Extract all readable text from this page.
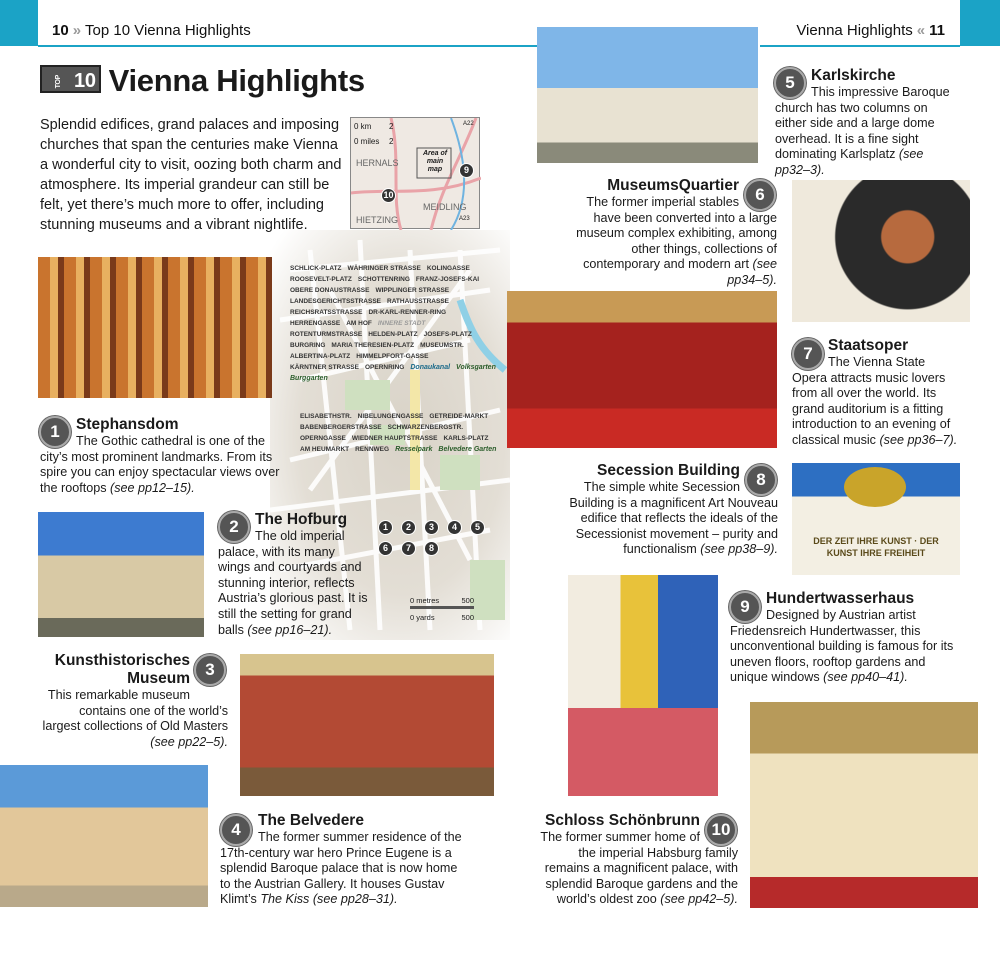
SCHLICK-PLATZ WÄHRINGER STRASSE KOLINGASSE
ROOSEVELT-PLATZ SCHOTTENRING FRANZ-JOSEFS-KAI
OBERE DONAUSTRASSE WIPPLINGER STRASSE
LANDESGERICHTSSTRASSE RATHAUSSTRASSE
REICHSRATSSTRASSE DR-KARL-RENNER-RING
HERRENGASSE AM HOF INNERE STADT
ROTENTURMSTRASSE HELDEN-PLATZ JOSEFS-PLATZ
BURGRING MARIA THERESIEN-PLATZ MUSEUMSTR.
ALBERTINA-PLATZ HIMMELPFORT-GASSE
KÄRNTNER STRASSE OPERNRING Donaukanal Volksgarten
Burggarten
ELISABETHSTR. NIBELUNGENGASSE GETREIDE-MARKT
BABENBERGERSTRASSE SCHWARZENBERGSTR.
OPERNGASSE WIEDNER HAUPTSTRASSE KARLS-PLATZ
AM HEUMARKT RENNWEG Resselpark Belvedere Garten
1	2	3	4	5
6	7	8
0 metres	500
0 yards	500
10 » Top 10 Vienna Highlights	Vienna Highlights « 11
TOP 10 Vienna Highlights

Splendid edifices, grand palaces and imposing churches that span the centuries make Vienna a wonderful city to visit, oozing both charm and atmosphere. Its imperial grandeur can still be felt, yet there’s much more to offer, including stunning museums and a vibrant nightlife.

0 km 2
0 miles 2
Area of main map
HERNALS
MEIDLING
HIETZING
A22
A23
9
10
DER ZEIT IHRE KUNST · DER KUNST IHRE FREIHEIT
1	Stephansdom

The Gothic cathedral is one of the city’s most prominent landmarks. From its spire you can enjoy spectacular views over the rooftops (see pp12–15).

2	The Hofburg

The old imperial palace, with its many wings and courtyards and stunning interior, reflects Austria’s glorious past. It is still the setting for grand balls (see pp16–21).

3
Kunsthistorisches Museum

This remarkable museum contains one of the world’s largest collections of Old Masters (see pp22–5).

4	The Belvedere

The former summer residence of the 17th-century war hero Prince Eugene is a splendid Baroque palace that is now home to the Austrian Gallery. It houses Gustav Klimt’s The Kiss (see pp28–31).

5	Karlskirche

This impressive Baroque church has two columns on either side and a large dome overhead. It is a fine sight dominating Karlsplatz (see pp32–3).

6
MuseumsQuartier

The former imperial stables have been converted into a large museum complex exhibiting, among other things, collections of contemporary and modern art (see pp34–5).

7 Staatsoper

The Vienna State Opera attracts music lovers from all over the world. Its grand auditorium is a fitting introduction to an evening of classical music (see pp36–7).

8
Secession Building

The simple white Secession Building is a magnificent Art Nouveau edifice that reflects the ideals of the Secessionist movement – purity and functionalism (see pp38–9).

9	Hundertwasserhaus

Designed by Austrian artist Friedensreich Hundertwasser, this unconventional building is famous for its uneven floors, rooftop gardens and unique windows (see pp40–41).

10
Schloss Schönbrunn

The former summer home of the imperial Habsburg family remains a magnificent palace, with splendid Baroque gardens and the world’s oldest zoo (see pp42–5).
